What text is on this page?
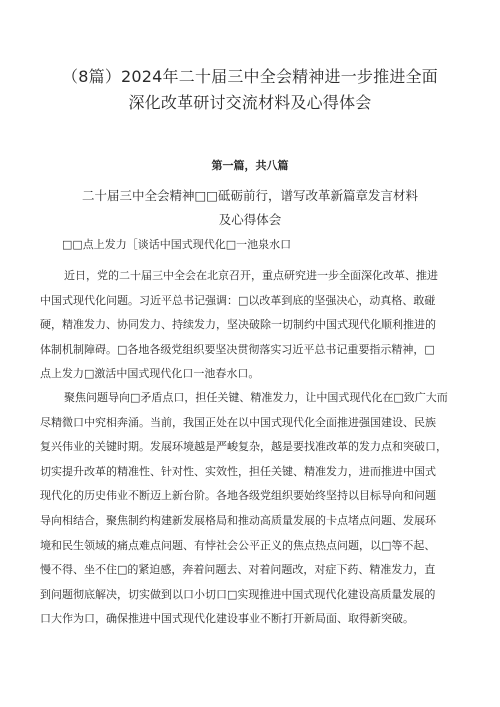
（8篇）2024年二十届三中全会精神进一步推进全面
深化改革研讨交流材料及心得体会
第一篇，共八篇
二十届三中全会精神□□砥砺前行，谱写改革新篇章发言材料
及心得体会
□□点上发力［谈话中国式现代化□一池泉水口
近日，党的二十届三中全会在北京召开，重点研究进一步全面深化改革、推进
中国式现代化问题。习近平总书记强调：□以改革到底的坚强决心，动真格、敢碰
硬，精准发力、协同发力、持续发力，坚决破除一切制约中国式现代化顺利推进的
体制机制障碍。□各地各级党组织要坚决贯彻落实习近平总书记重要指示精神，□
点上发力□激活中国式现代化口一池春水口。
聚焦问题导向□矛盾点口，担任关键、精准发力，让中国式现代化在□致广大而
尽精微口中究相奔涌。当前，我国正处在以中国式现代化全面推进强国建设、民族
复兴伟业的关键时期。发展环境越是严峻复杂，越是要找准改革的发力点和突破口，
切实提升改革的精准性、针对性、实效性，担任关键、精准发力，进而推进中国式
现代化的历史伟业不断迈上新台阶。各地各级党组织要始终坚持以目标导向和问题
导向相结合，聚焦制约构建新发展格局和推动高质量发展的卡点堵点问题、发展环
境和民生领域的痛点难点问题、有悖社会公平正义的焦点热点问题，以□等不起、
慢不得、坐不住□的紧迫感，奔着问题去、对着问题改，对症下药、精准发力，直
到问题彻底解决，切实做到以口小切口□实现推进中国式现代化建设高质量发展的
口大作为口，确保推进中国式现代化建设事业不断打开新局面、取得新突破。
